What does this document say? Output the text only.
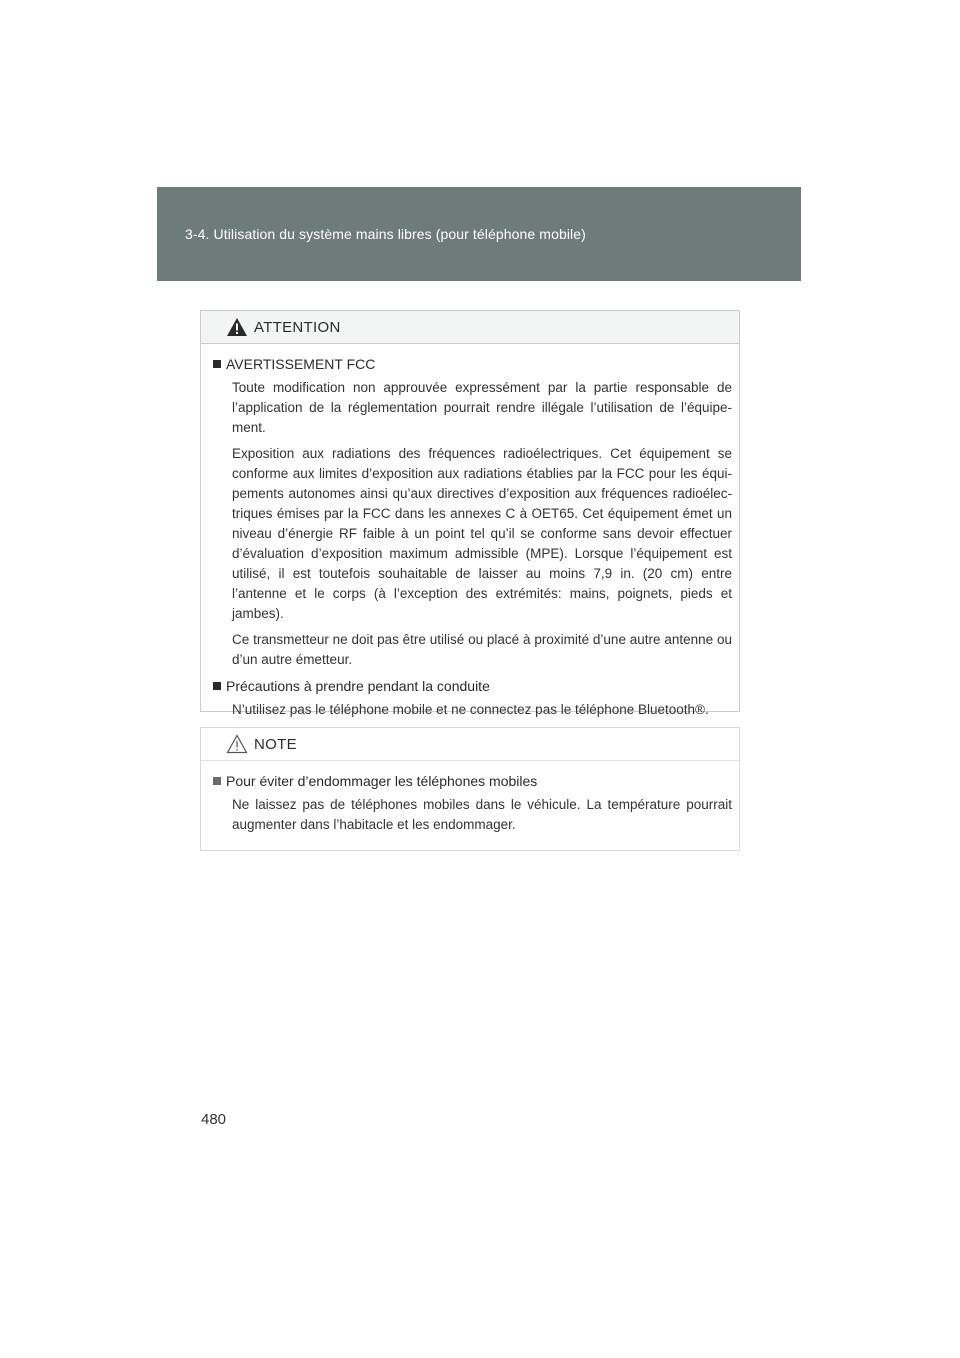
3-4. Utilisation du système mains libres (pour téléphone mobile)
ATTENTION
AVERTISSEMENT FCC

Toute modification non approuvée expressément par la partie responsable de l’application de la réglementation pourrait rendre illégale l’utilisation de l’équipe-ment.

Exposition aux radiations des fréquences radioélectriques. Cet équipement se conforme aux limites d’exposition aux radiations établies par la FCC pour les équi-pements autonomes ainsi qu’aux directives d’exposition aux fréquences radioélec-triques émises par la FCC dans les annexes C à OET65. Cet équipement émet un niveau d’énergie RF faible à un point tel qu’il se conforme sans devoir effectuer d’évaluation d’exposition maximum admissible (MPE). Lorsque l’équipement est utilisé, il est toutefois souhaitable de laisser au moins 7,9 in. (20 cm) entre l’antenne et le corps (à l’exception des extrémités: mains, poignets, pieds et jambes).

Ce transmetteur ne doit pas être utilisé ou placé à proximité d’une autre antenne ou d’un autre émetteur.

Précautions à prendre pendant la conduite

N’utilisez pas le téléphone mobile et ne connectez pas le téléphone Bluetooth®.

NOTE
Pour éviter d’endommager les téléphones mobiles

Ne laissez pas de téléphones mobiles dans le véhicule. La température pourrait augmenter dans l’habitacle et les endommager.

480
